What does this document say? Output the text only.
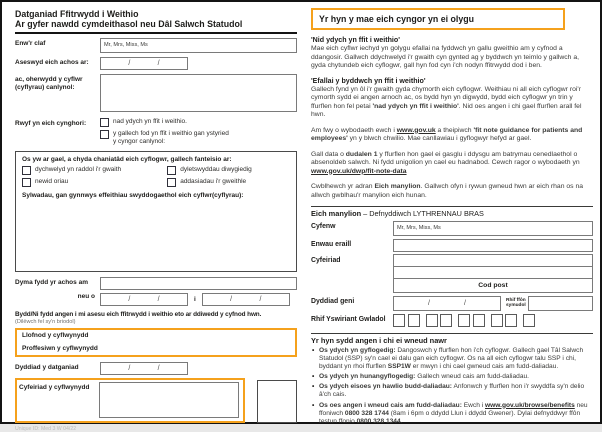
Datganiad Ffitrwydd i Weithio
Ar gyfer nawdd cymdeithasol neu Dâl Salwch Statudol
Enw'r claf	Mr, Mrs, Miss, Ms
Aseswyd eich achos ar:	/	/
ac, oherwydd y cyflwr (cyflyrau) canlynol:
Rwyf yn eich cynghori:	nad ydych yn ffit i weithio.
y gallech fod yn ffit i weithio gan ystyried
y cyngor canlynol:
Os yw ar gael, a chyda chaniatâd eich cyflogwr, gallech fanteisio ar:
dychwelyd yn raddol i'r gwaith	dyletswyddau diwygiedig
newid oriau	addasiadau i'r gweithle
Sylwadau, gan gynnwys effeithiau swyddogaethol eich cyflwr(cyflyrau):
Dyma fydd yr achos am
neu o	/	/	i	/	/
Bydd/Ni fydd angen i mi asesu eich ffitrwydd i weithio eto ar ddiwedd y cyfnod hwn.
(Dilëwch fel sy'n briodol)
Llofnod y cyflwynydd
Proffesiwn y cyflwynydd
Dyddiad y datganiad	/	/
Cyfeiriad y cyflwynydd
Unique ID: Med 3 W 04/22
Yr hyn y mae eich cyngor yn ei olygu
'Nid ydych yn ffit i weithio'
Mae eich cyflwr iechyd yn golygu efallai na fyddwch yn gallu gweithio am y cyfnod a ddangosir. Gallwch ddychwelyd i'r gwaith cyn gynted ag y byddwch yn teimlo y gallwch a, gyda chytundeb eich cyflogwr, gall hyn fod cyn i'ch nodyn ffitrwydd dod i ben.
'Efallai y byddwch yn ffit i weithio'
Gallech fynd yn ôl i'r gwaith gyda chymorth eich cyflogwr. Weithiau ni all eich cyflogwr roi'r cymorth sydd ei angen arnoch ac, os bydd hyn yn digwydd, bydd eich cyflogwr yn trin y ffurflen hon fel petai 'nad ydych yn ffit i weithio'. Nid oes angen i chi gael ffurflen arall fel hwn.
Am fwy o wybodaeth ewch i www.gov.uk a theipiwch 'fit note guidance for patients and employees' yn y blwch chwilio. Mae canllawiau i gyflogwyr hefyd ar gael.
Gall data o dudalen 1 y ffurflen hon gael ei gasglu i ddysgu am batrymau cenedlaethol o absenoldeb salwch. Ni fydd unigolion yn cael eu hadnabod. Cewch ragor o wybodaeth yn www.gov.uk/dwp/fit-note-data
Cwblhewch yr adran Eich manylion. Gallwch ofyn i rywun gwneud hwn ar eich rhan os na allwch gwblhau'r manylion eich hunan.
Eich manylion – Defnyddiwch LYTHRENNAU BRAS
Cyfenw	Mr, Mrs, Miss, Ms
Enwau eraill
Cyfeiriad
Cod post
Dyddiad geni	/	/	Rhif ffôn
symudol
Rhif Yswiriant Gwladol
Yr hyn sydd angen i chi ei wneud nawr
• Os ydych yn gyflogedig: Dangoswch y ffurflen hon i'ch cyflogwr. Gallech gael Tâl Salwch Statudol (SSP) sy'n cael ei dalu gan eich cyflogwr. Os na all eich cyflogwr talu SSP i chi, byddant yn rhoi ffurflen SSP1W er mwyn i chi cael gwneud cais am fudd-daliadau.
• Os ydych yn hunangyflogedig: Gallech wneud cais am fudd-daliadau.
• Os ydych eisoes yn hawlio budd-daliadau: Anfonwch y ffurflen hon i'r swyddfa sy'n delio â'ch cais.
• Os oes angen i wneud cais am fudd-daliadau: Ewch i www.gov.uk/browse/benefits neu ffoniwch 0800 328 1744 (8am i 6pm o ddydd Llun i ddydd Gwener). Dylai defnyddwyr ffôn testun ffonio 0800 328 1344.
